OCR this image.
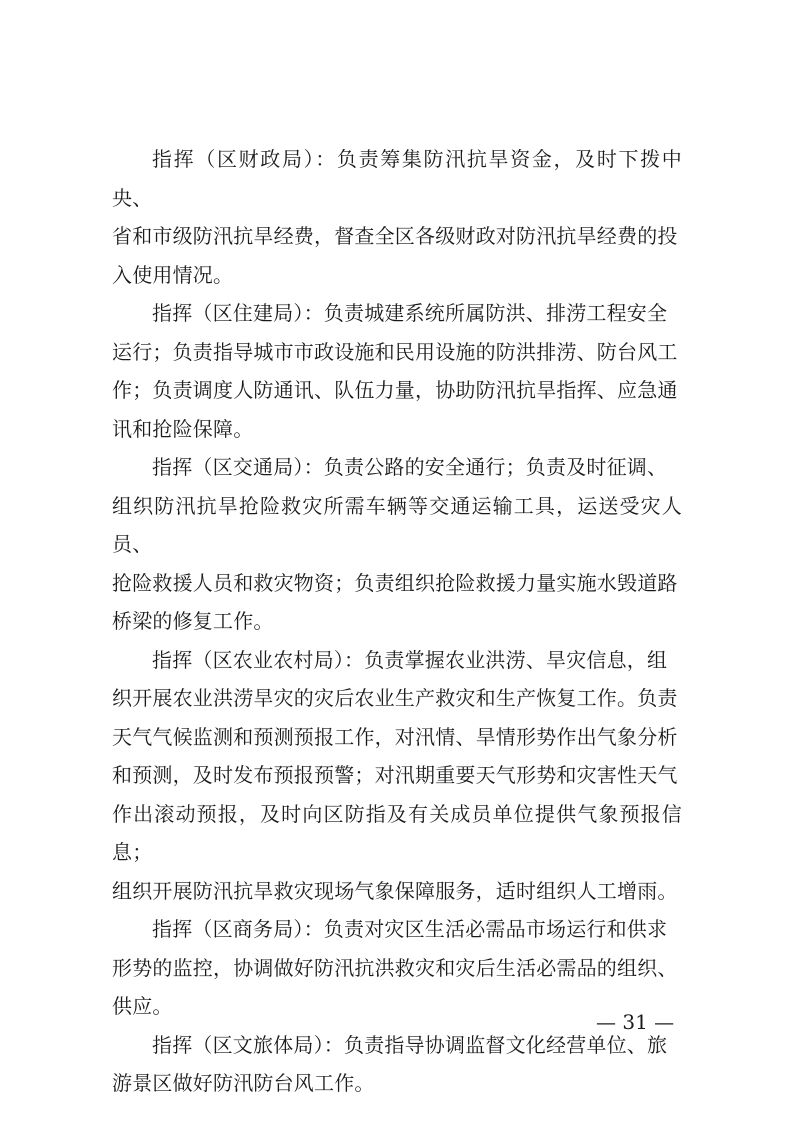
指挥（区财政局）：负责筹集防汛抗旱资金，及时下拨中央、
省和市级防汛抗旱经费，督查全区各级财政对防汛抗旱经费的投
入使用情况。

指挥（区住建局）：负责城建系统所属防洪、排涝工程安全
运行；负责指导城市市政设施和民用设施的防洪排涝、防台风工
作；负责调度人防通讯、队伍力量，协助防汛抗旱指挥、应急通
讯和抢险保障。

指挥（区交通局）：负责公路的安全通行；负责及时征调、
组织防汛抗旱抢险救灾所需车辆等交通运输工具，运送受灾人员、
抢险救援人员和救灾物资；负责组织抢险救援力量实施水毁道路
桥梁的修复工作。

指挥（区农业农村局）：负责掌握农业洪涝、旱灾信息，组
织开展农业洪涝旱灾的灾后农业生产救灾和生产恢复工作。负责
天气气候监测和预测预报工作，对汛情、旱情形势作出气象分析
和预测，及时发布预报预警；对汛期重要天气形势和灾害性天气
作出滚动预报，及时向区防指及有关成员单位提供气象预报信息；
组织开展防汛抗旱救灾现场气象保障服务，适时组织人工增雨。

指挥（区商务局）：负责对灾区生活必需品市场运行和供求
形势的监控，协调做好防汛抗洪救灾和灾后生活必需品的组织、
供应。

指挥（区文旅体局）：负责指导协调监督文化经营单位、旅
游景区做好防汛防台风工作。

— 31 —
